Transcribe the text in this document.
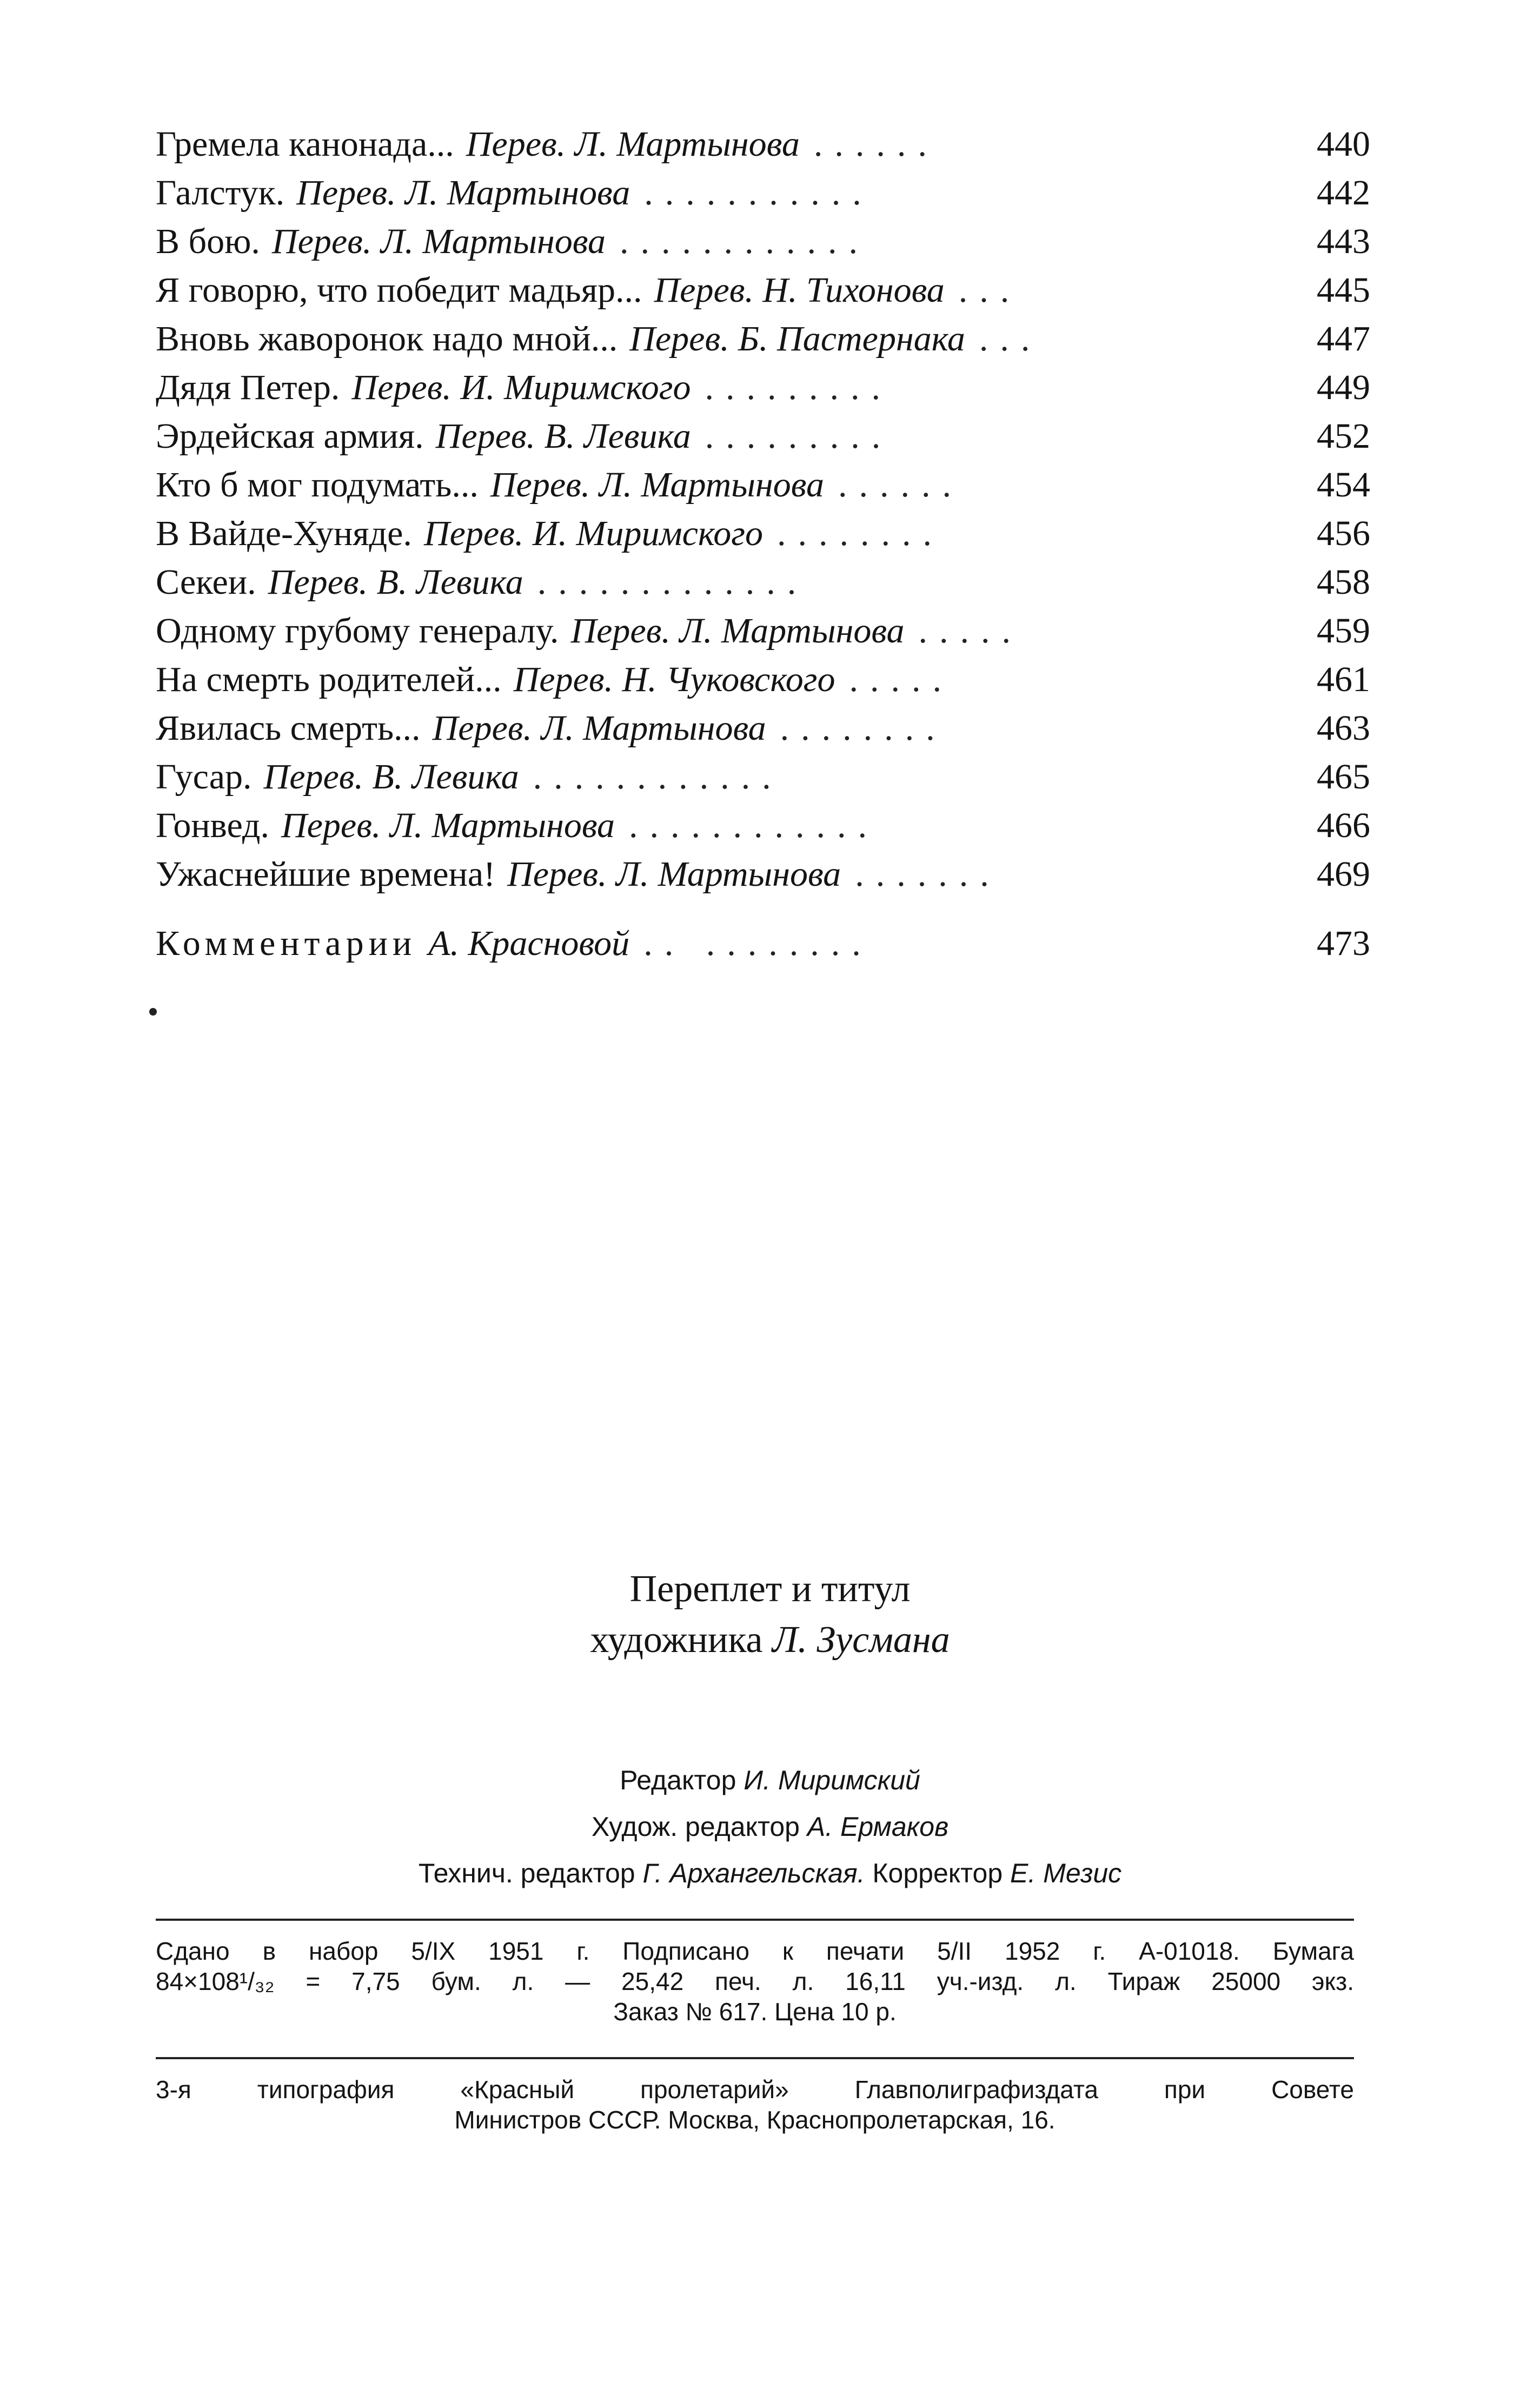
Гремела канонада... Перев. Л. Мартынова ......	440
Галстук. Перев. Л. Мартынова ...........	442
В бою. Перев. Л. Мартынова ............	443
Я говорю, что победит мадьяр... Перев. Н. Тихонова ...	445
Вновь жаворонок надо мной... Перев. Б. Пастернака ...	447
Дядя Петер. Перев. И. Миримского .........	449
Эрдейская армия. Перев. В. Левика .........	452
Кто б мог подумать... Перев. Л. Мартынова ......	454
В Вайде-Хуняде. Перев. И. Миримского ........	456
Секеи. Перев. В. Левика .............	458
Одному грубому генералу. Перев. Л. Мартынова .....	459
На смерть родителей... Перев. Н. Чуковского .....	461
Явилась смерть... Перев. Л. Мартынова ........	463
Гусар. Перев. В. Левика ............	465
Гонвед. Перев. Л. Мартынова ............	466
Ужаснейшие времена! Перев. Л. Мартынова .......	469
Комментарии А. Красновой .. ........	473
Переплет и титул
художника Л. Зусмана
Редактор И. Миримский
Худож. редактор А. Ермаков
Технич. редактор Г. Архангельская. Корректор Е. Мезис
Сдано в набор 5/IX 1951 г. Подписано к печати 5/II 1952 г. А-01018. Бумага
84×108¹/₃₂ = 7,75 бум. л. — 25,42 печ. л. 16,11 уч.-изд. л. Тираж 25000 экз.
Заказ № 617. Цена 10 р.
3-я типография «Красный пролетарий» Главполиграфиздата при Совете
Министров СССР. Москва, Краснопролетарская, 16.
